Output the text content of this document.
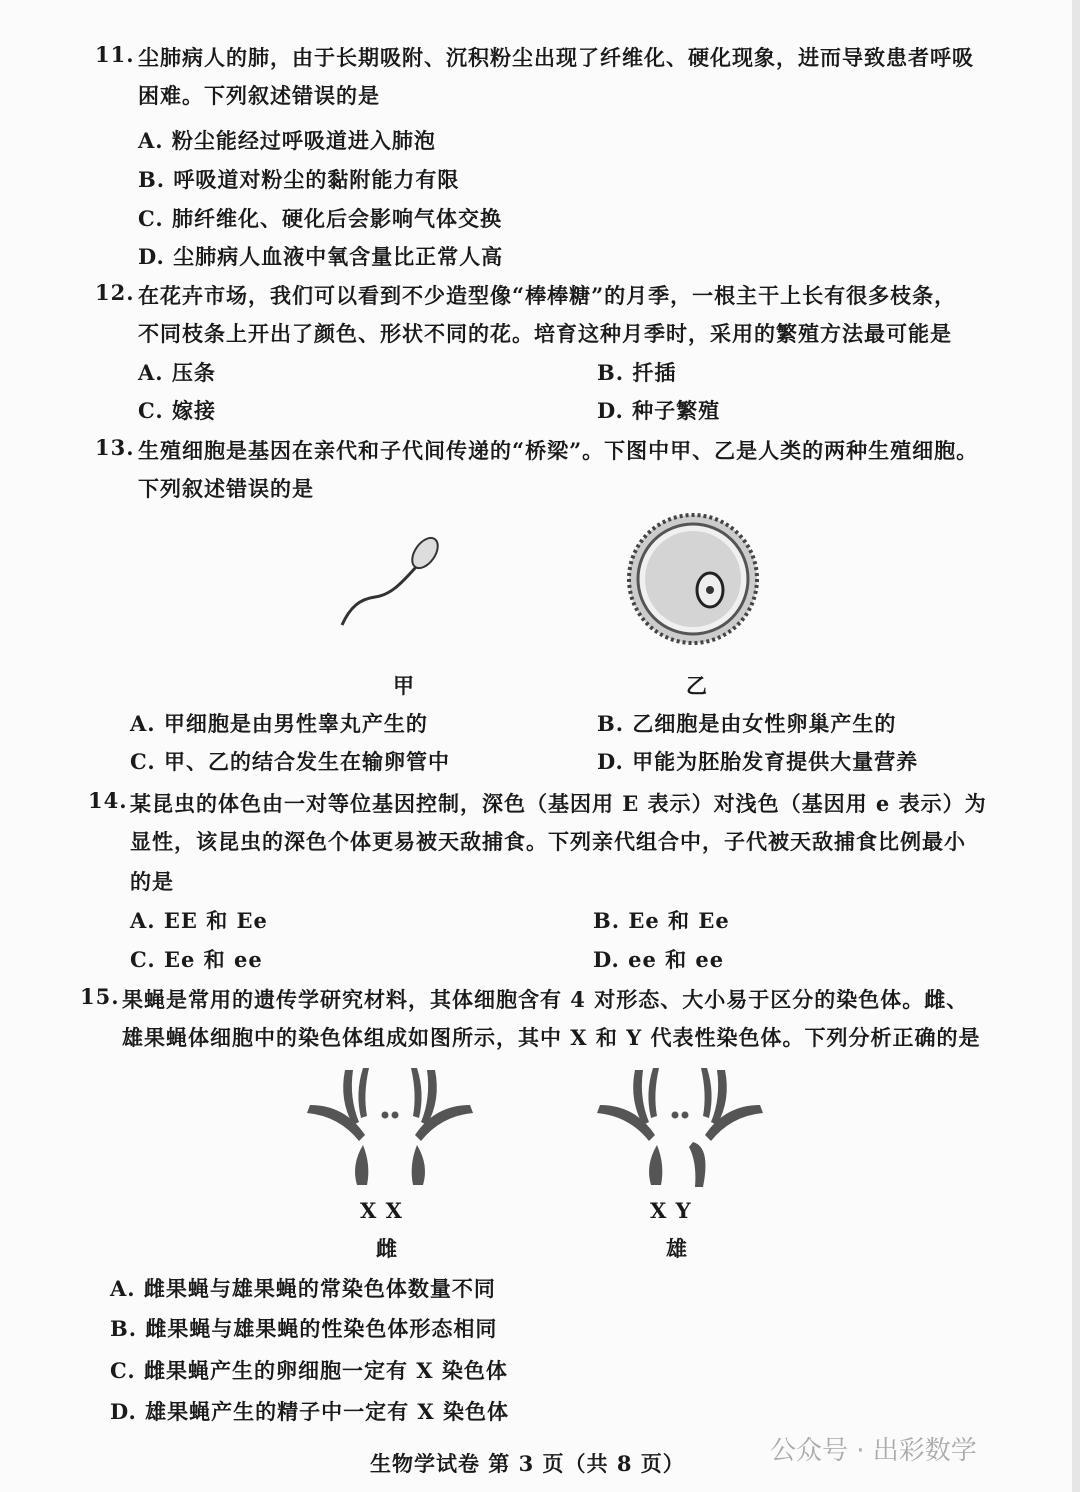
11. 尘肺病人的肺，由于长期吸附、沉积粉尘出现了纤维化、硬化现象，进而导致患者呼吸
困难。下列叙述错误的是
A. 粉尘能经过呼吸道进入肺泡
B. 呼吸道对粉尘的黏附能力有限
C. 肺纤维化、硬化后会影响气体交换
D. 尘肺病人血液中氧含量比正常人高
12. 在花卉市场，我们可以看到不少造型像“棒棒糖”的月季，一根主干上长有很多枝条，
不同枝条上开出了颜色、形状不同的花。培育这种月季时，采用的繁殖方法最可能是
A. 压条	B. 扦插
C. 嫁接	D. 种子繁殖
13. 生殖细胞是基因在亲代和子代间传递的“桥梁”。下图中甲、乙是人类的两种生殖细胞。
下列叙述错误的是
甲	乙
A. 甲细胞是由男性睾丸产生的	B. 乙细胞是由女性卵巢产生的
C. 甲、乙的结合发生在输卵管中	D. 甲能为胚胎发育提供大量营养
14. 某昆虫的体色由一对等位基因控制，深色（基因用 E 表示）对浅色（基因用 e 表示）为
显性，该昆虫的深色个体更易被天敌捕食。下列亲代组合中，子代被天敌捕食比例最小
的是
A. EE 和 Ee	B. Ee 和 Ee
C. Ee 和 ee	D. ee 和 ee
15. 果蝇是常用的遗传学研究材料，其体细胞含有 4 对形态、大小易于区分的染色体。雌、
雄果蝇体细胞中的染色体组成如图所示，其中 X 和 Y 代表性染色体。下列分析正确的是
X X
雌
X Y
雄
A. 雌果蝇与雄果蝇的常染色体数量不同
B. 雌果蝇与雄果蝇的性染色体形态相同
C. 雌果蝇产生的卵细胞一定有 X 染色体
D. 雄果蝇产生的精子中一定有 X 染色体
生物学试卷 第 3 页（共 8 页）	公众号 · 出彩数学
